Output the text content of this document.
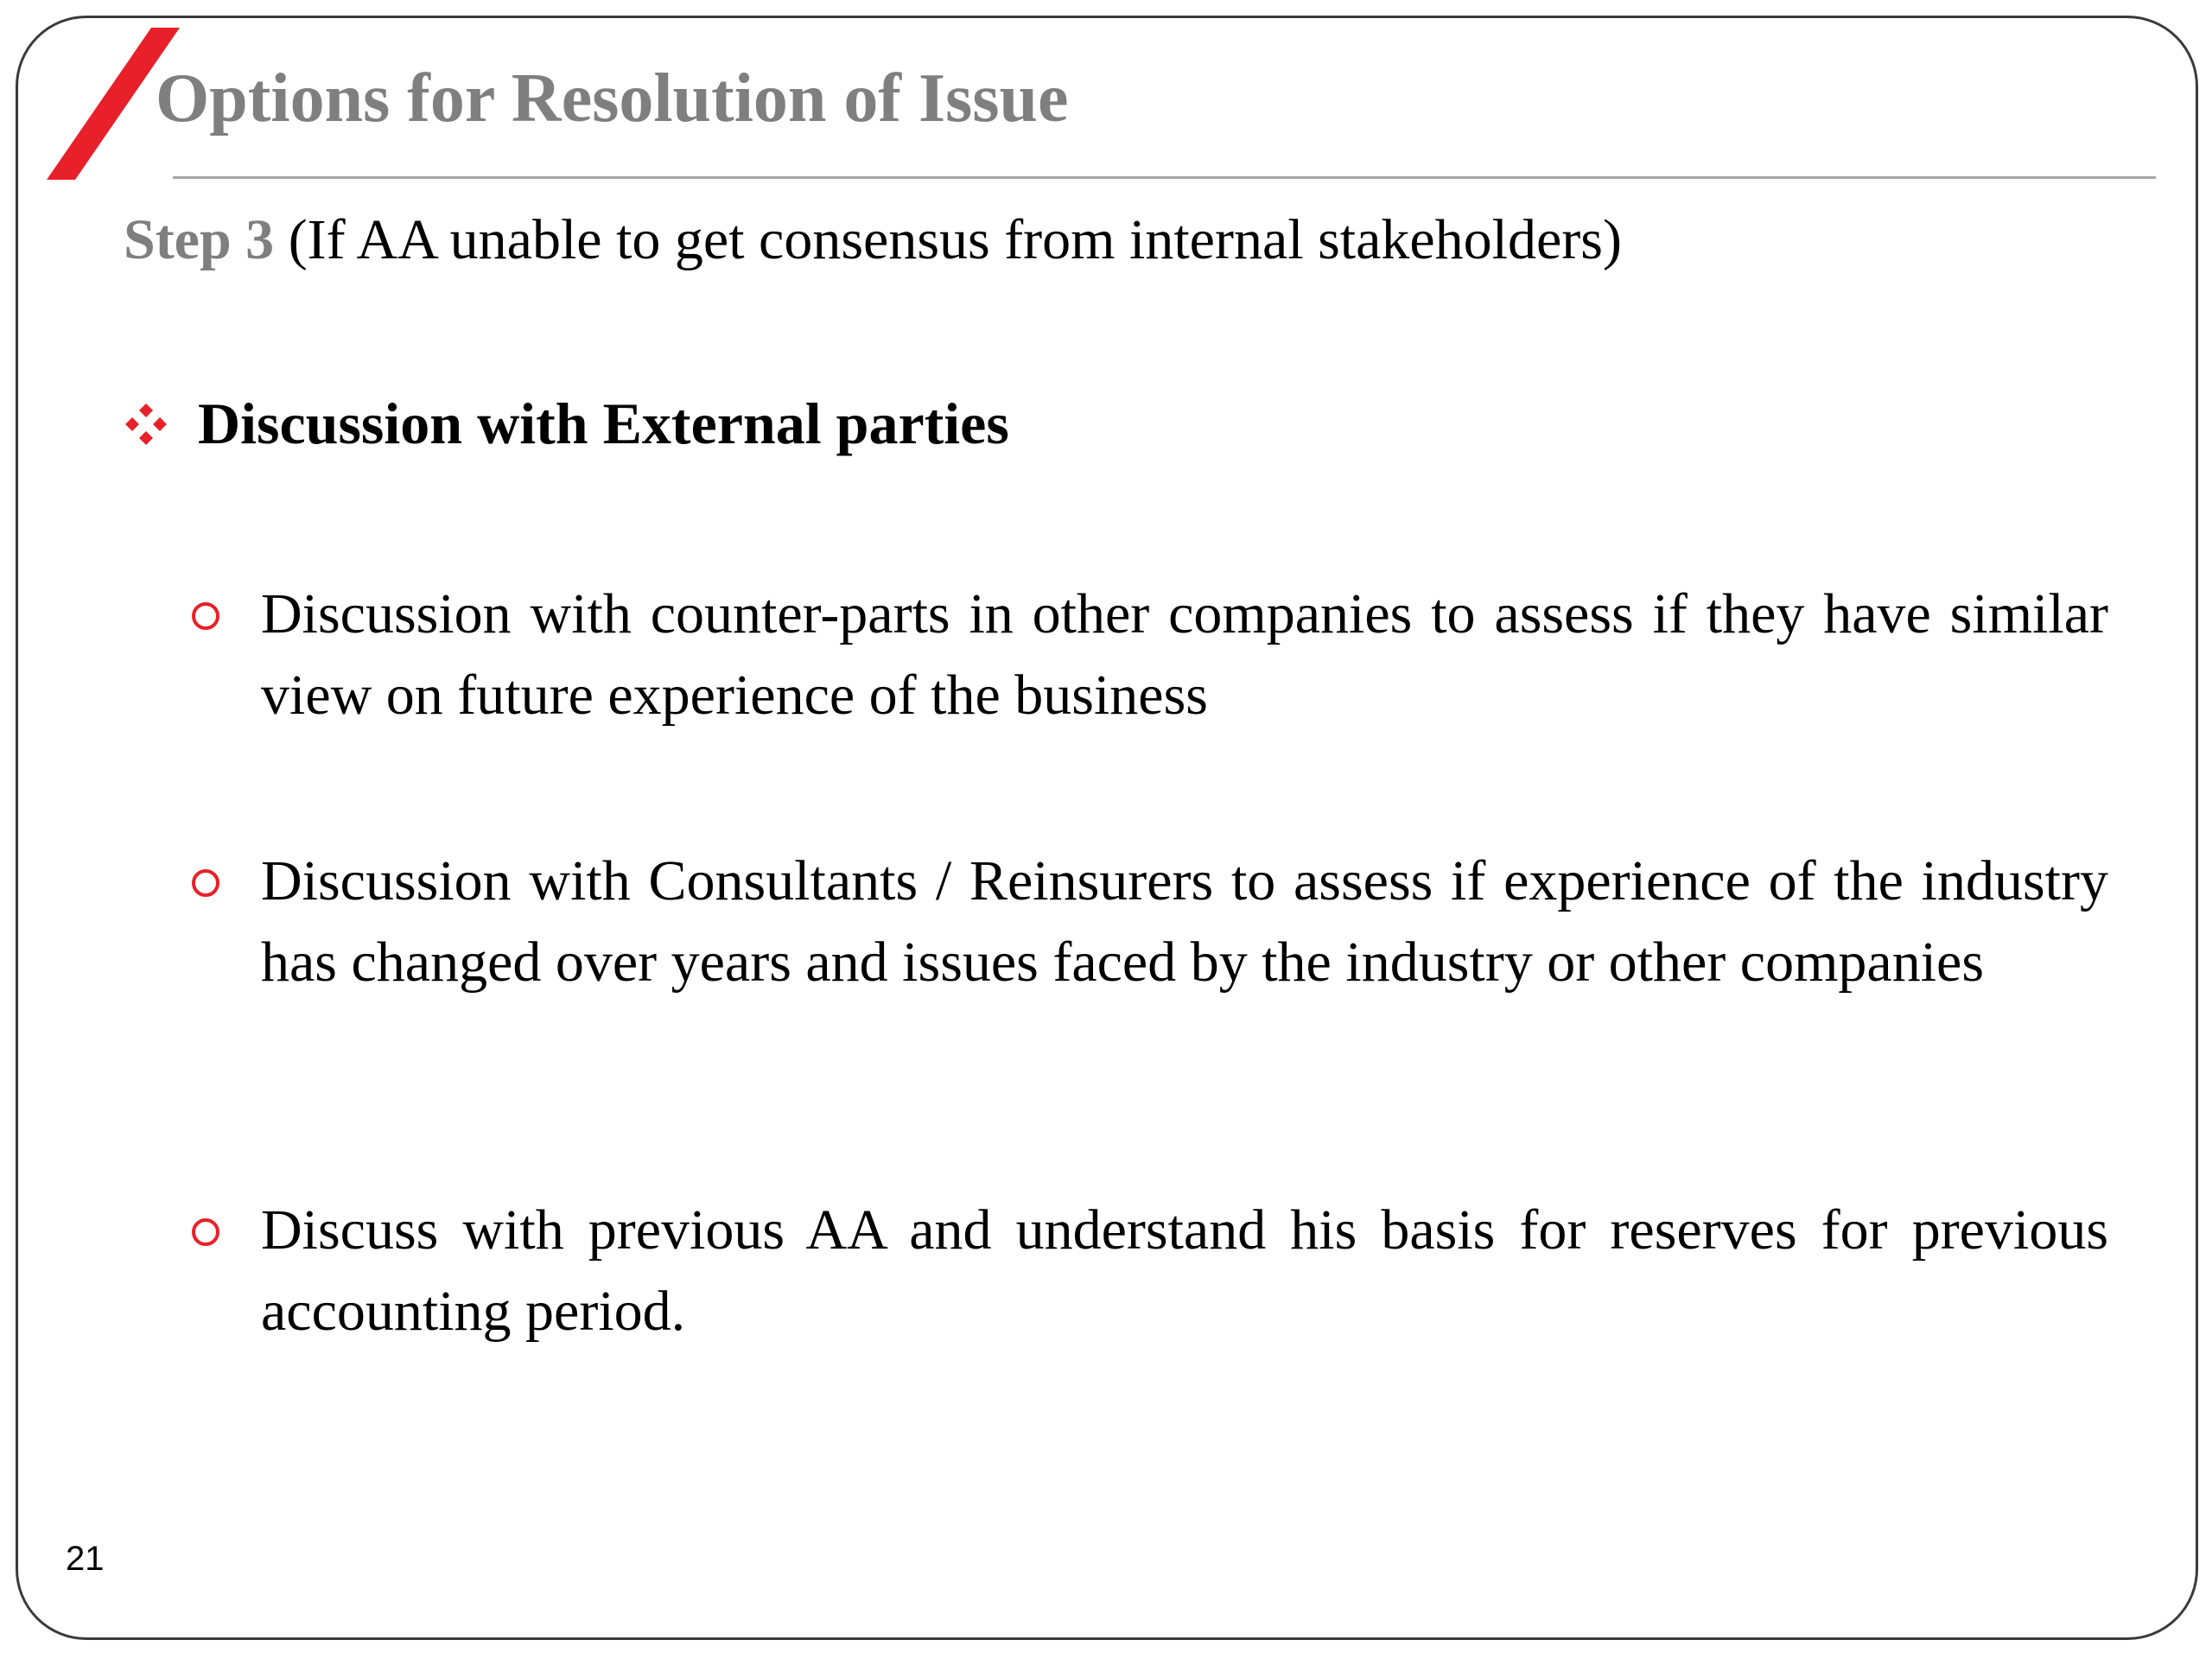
Options for Resolution of Issue

Step 3 (If AA unable to get consensus from internal stakeholders)

Discussion with External parties

Discussion with counter-parts in other companies to assess if they have similar view on future experience of the business

Discussion with Consultants / Reinsurers to assess if experience of the industry has changed over years and issues faced by the industry or other companies

Discuss with previous AA and understand his basis for reserves for previous accounting period.

21
